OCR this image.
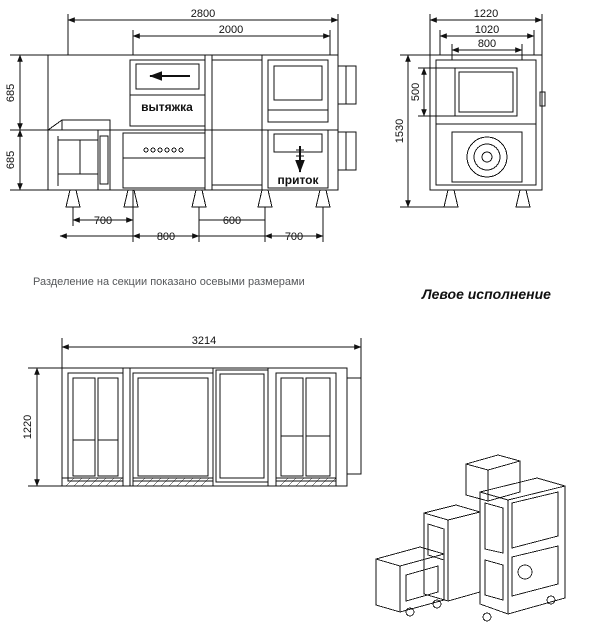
2800
2000
700	600
800	700
1220
1020
800
3214
685
685
500
1530
1220
вытяжка
приток
Разделение на секции показано осевыми размерами
Левое исполнение
